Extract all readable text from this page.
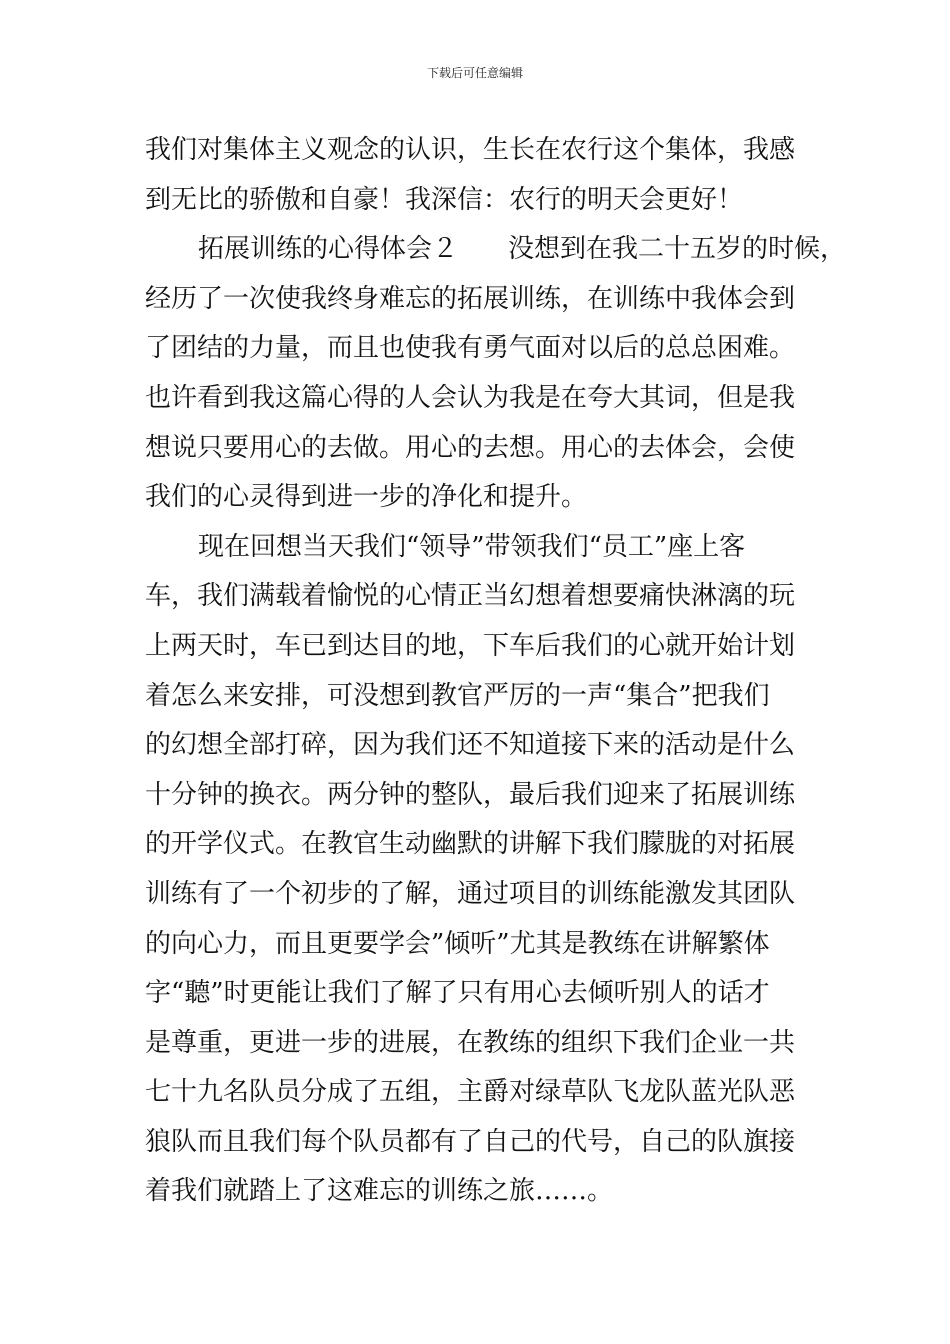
下载后可任意编辑
我们对集体主义观念的认识，生长在农行这个集体，我感
到无比的骄傲和自豪！我深信：农行的明天会更好！
拓展训练的心得体会２ 没想到在我二十五岁的时候，
经历了一次使我终身难忘的拓展训练，在训练中我体会到
了团结的力量，而且也使我有勇气面对以后的总总困难。
也许看到我这篇心得的人会认为我是在夸大其词，但是我
想说只要用心的去做。用心的去想。用心的去体会，会使
我们的心灵得到进一步的净化和提升。
现在回想当天我们“领导”带领我们“员工”座上客
车，我们满载着愉悦的心情正当幻想着想要痛快淋漓的玩
上两天时，车已到达目的地，下车后我们的心就开始计划
着怎么来安排，可没想到教官严厉的一声“集合”把我们
的幻想全部打碎，因为我们还不知道接下来的活动是什么
十分钟的换衣。两分钟的整队，最后我们迎来了拓展训练
的开学仪式。在教官生动幽默的讲解下我们朦胧的对拓展
训练有了一个初步的了解，通过项目的训练能激发其团队
的向心力，而且更要学会”倾听”尤其是教练在讲解繁体
字“聽”时更能让我们了解了只有用心去倾听别人的话才
是尊重，更进一步的进展，在教练的组织下我们企业一共
七十九名队员分成了五组，主爵对绿草队飞龙队蓝光队恶
狼队而且我们每个队员都有了自己的代号，自己的队旗接
着我们就踏上了这难忘的训练之旅……。
